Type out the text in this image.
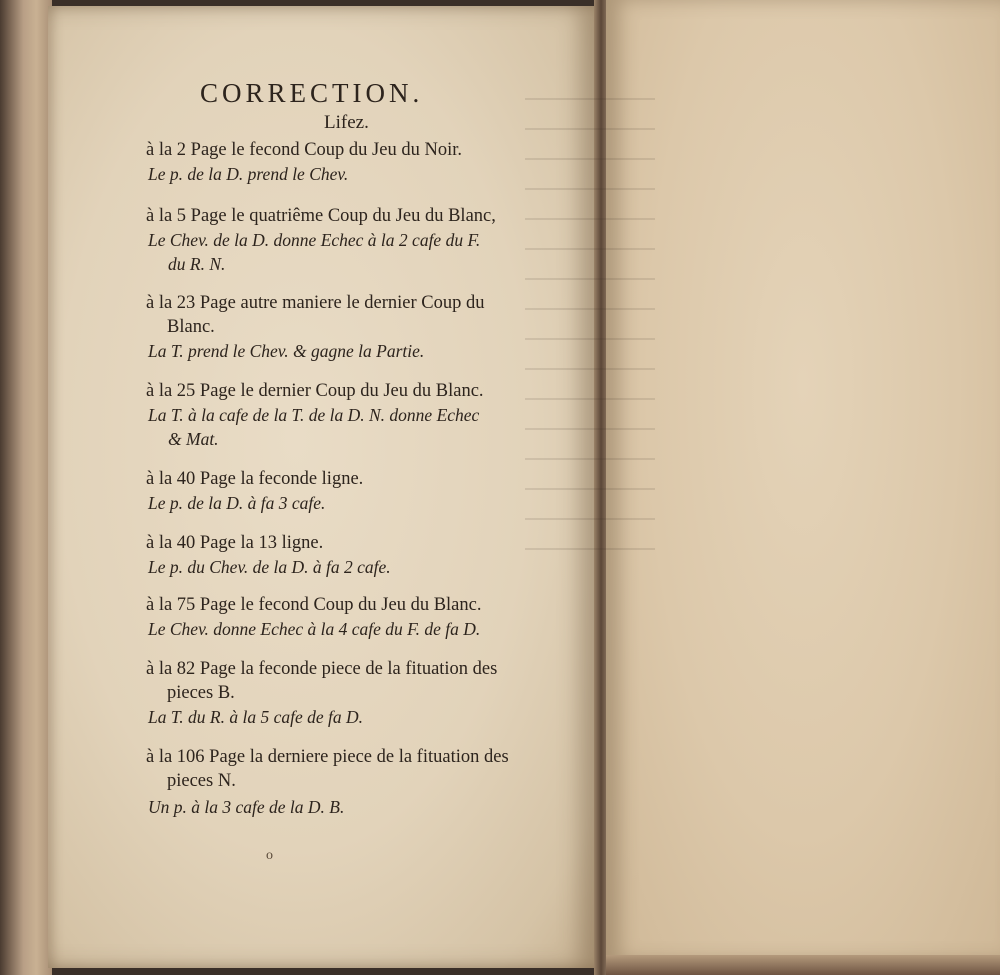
CORRECTION.
Lifez.
à la 2 Page le fecond Coup du Jeu du Noir.
Le p. de la D. prend le Chev.
à la 5 Page le quatriême Coup du Jeu du Blanc,
Le Chev. de la D. donne Echec à la 2 cafe du F.
du R. N.
à la 23 Page autre maniere le dernier Coup du
Blanc.
La T. prend le Chev. & gagne la Partie.
à la 25 Page le dernier Coup du Jeu du Blanc.
La T. à la cafe de la T. de la D. N. donne Echec
& Mat.
à la 40 Page la feconde ligne.
Le p. de la D. à fa 3 cafe.
à la 40 Page la 13 ligne.
Le p. du Chev. de la D. à fa 2 cafe.
à la 75 Page le fecond Coup du Jeu du Blanc.
Le Chev. donne Echec à la 4 cafe du F. de fa D.
à la 82 Page la feconde piece de la fituation des
pieces B.
La T. du R. à la 5 cafe de fa D.
à la 106 Page la derniere piece de la fituation des
pieces N.
Un p. à la 3 cafe de la D. B.
o
